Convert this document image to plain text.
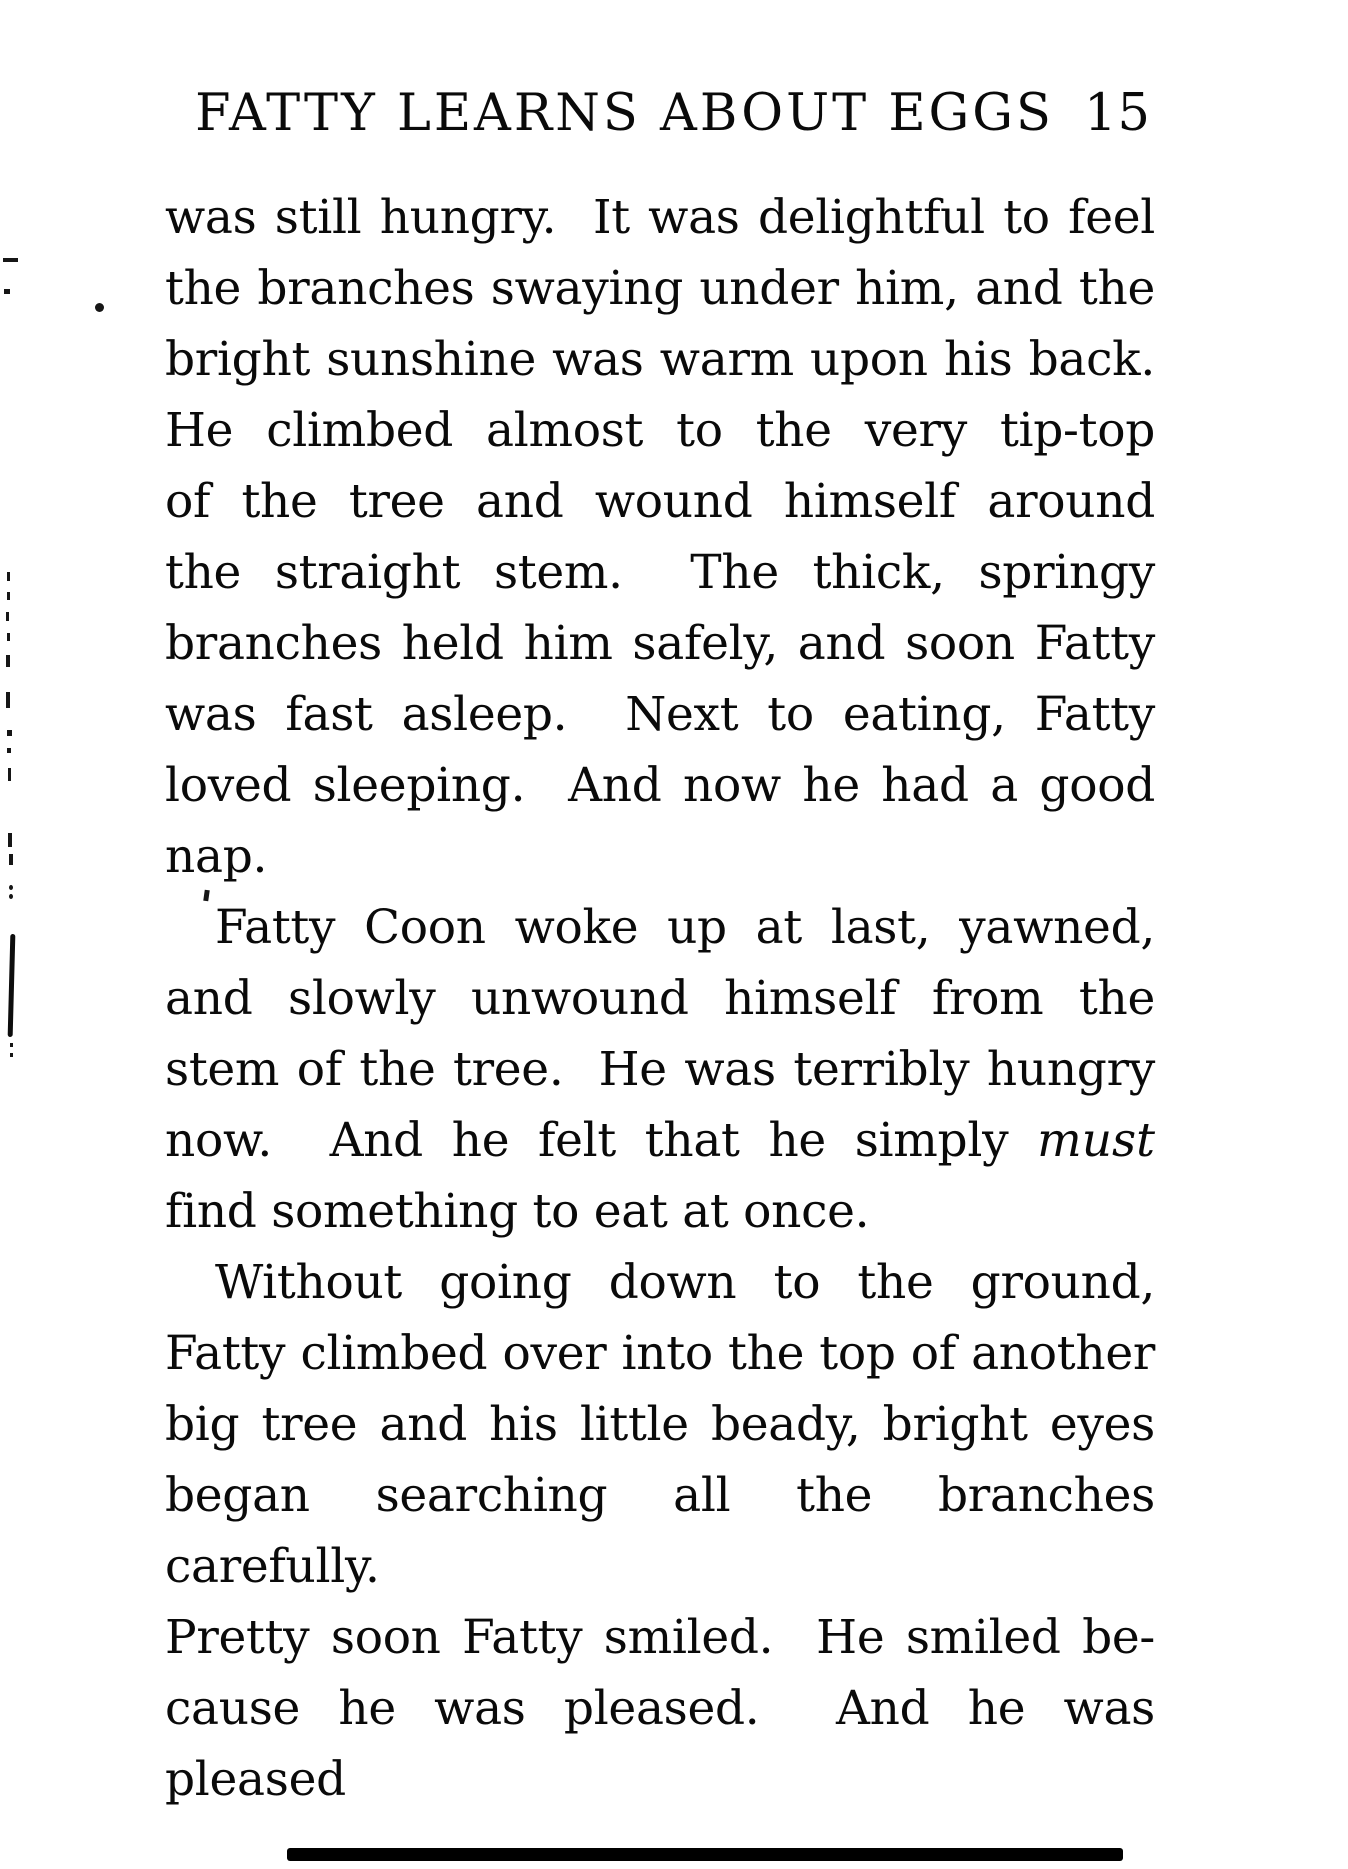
FATTY LEARNS ABOUT EGGS 15
was still hungry.  It was delightful to feel
the branches swaying under him, and the
bright sunshine was warm upon his back.
He climbed almost to the very tip-top
of the tree and wound himself around
the straight stem.  The thick, springy
branches held him safely, and soon Fatty
was fast asleep.  Next to eating, Fatty
loved sleeping.  And now he had a good
nap.
Fatty Coon woke up at last, yawned,
and slowly unwound himself from the
stem of the tree.  He was terribly hungry
now.  And he felt that he simply must
find something to eat at once.
Without going down to the ground,
Fatty climbed over into the top of another
big tree and his little beady, bright eyes
began searching all the branches carefully.
Pretty soon Fatty smiled.  He smiled be-
cause he was pleased.  And he was pleased
